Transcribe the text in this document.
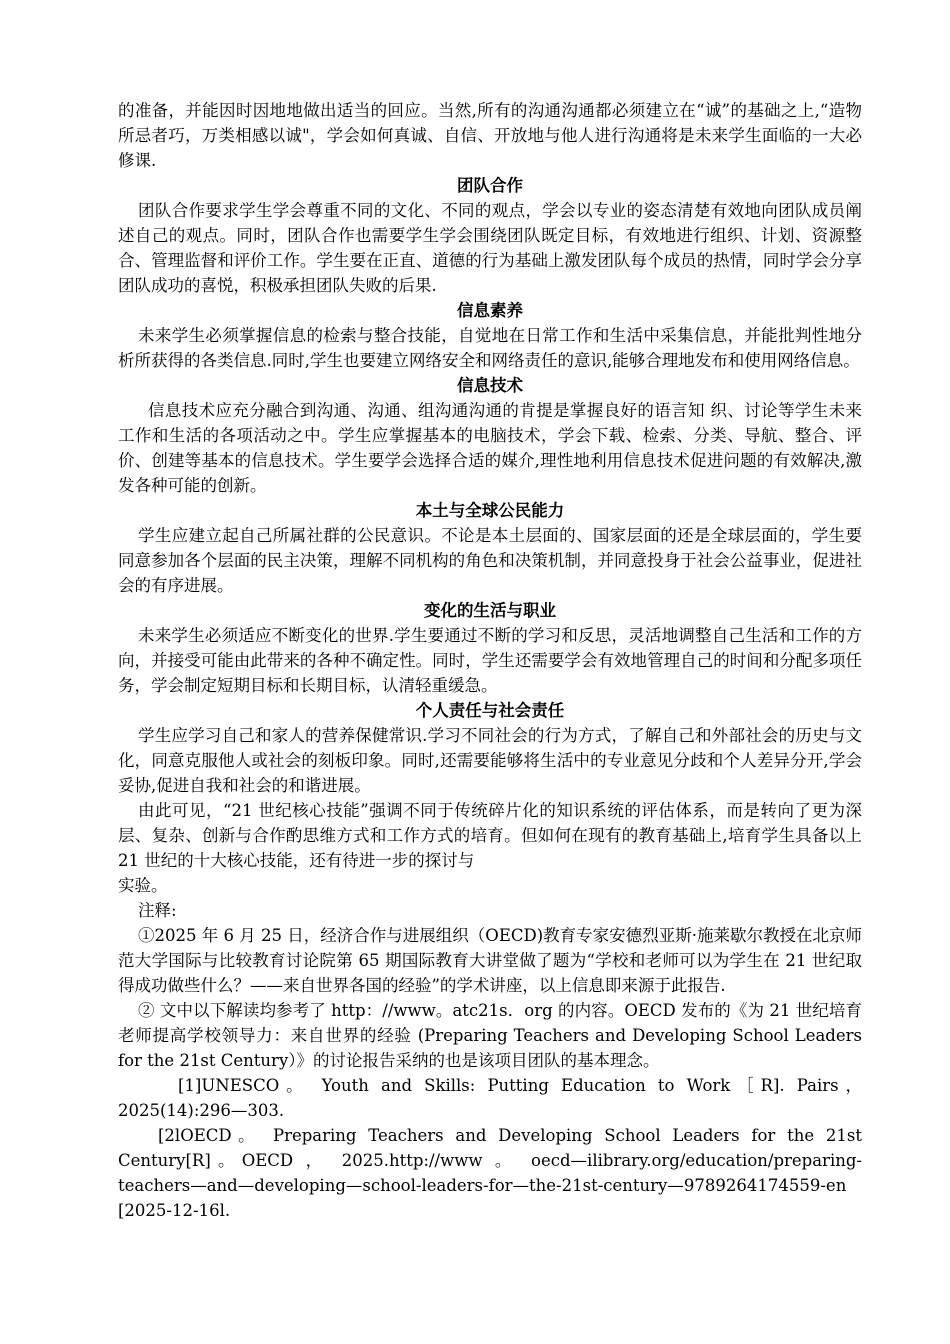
的准备，并能因时因地地做出适当的回应。当然,所有的沟通沟通都必须建立在“诚”的基础之上,“造物所忌者巧，万类相感以诚"，学会如何真诚、自信、开放地与他人进行沟通将是未来学生面临的一大必修课.

团队合作

团队合作要求学生学会尊重不同的文化、不同的观点，学会以专业的姿态清楚有效地向团队成员阐述自己的观点。同时，团队合作也需要学生学会围绕团队既定目标，有效地进行组织、计划、资源整合、管理监督和评价工作。学生要在正直、道德的行为基础上激发团队每个成员的热情，同时学会分享团队成功的喜悦，积极承担团队失败的后果.

信息素养

未来学生必须掌握信息的检索与整合技能，自觉地在日常工作和生活中采集信息，并能批判性地分析所获得的各类信息.同时,学生也要建立网络安全和网络责任的意识,能够合理地发布和使用网络信息。

信息技术

信息技术应充分融合到沟通、沟通、组沟通沟通的肯提是掌握良好的语言知 织、讨论等学生未来工作和生活的各项活动之中。学生应掌握基本的电脑技术，学会下载、检索、分类、导航、整合、评价、创建等基本的信息技术。学生要学会选择合适的媒介,理性地利用信息技术促进问题的有效解决,激发各种可能的创新。

本土与全球公民能力

学生应建立起自己所属社群的公民意识。不论是本土层面的、国家层面的还是全球层面的，学生要同意参加各个层面的民主决策，理解不同机构的角色和决策机制，并同意投身于社会公益事业，促进社会的有序进展。

变化的生活与职业

未来学生必须适应不断变化的世界.学生要通过不断的学习和反思，灵活地调整自己生活和工作的方向，并接受可能由此带来的各种不确定性。同时，学生还需要学会有效地管理自己的时间和分配多项任务，学会制定短期目标和长期目标，认清轻重缓急。

个人责任与社会责任

学生应学习自己和家人的营养保健常识.学习不同社会的行为方式，了解自己和外部社会的历史与文化，同意克服他人或社会的刻板印象。同时,还需要能够将生活中的专业意见分歧和个人差异分开,学会妥协,促进自我和社会的和谐进展。

由此可见，“21 世纪核心技能”强调不同于传统碎片化的知识系统的评估体系，而是转向了更为深层、复杂、创新与合作酌思维方式和工作方式的培育。但如何在现有的教育基础上,培育学生具备以上 21 世纪的十大核心技能，还有待进一步的探讨与

实验。

注释:

①2025 年 6 月 25 日，经济合作与进展组织（OECD)教育专家安德烈亚斯·施莱歇尔教授在北京师范大学国际与比较教育讨论院第 65 期国际教育大讲堂做了题为“学校和老师可以为学生在 21 世纪取得成功做些什么？——来自世界各国的经验”的学术讲座，以上信息即来源于此报告.

② 文中以下解读均参考了 http：//www。atc21s．org 的内容。OECD 发布的《为 21 世纪培育老师提高学校领导力：来自世界的经验 (Preparing Teachers and Developing School Leaders for the 21st Century）》的讨论报告采纳的也是该项目团队的基本理念。

[1]UNESCO。 Youth and Skills: Putting Education to Work［R]. Pairs， 2025(14):296—303.

[2lOECD。 Preparing Teachers and Developing School Leaders for the 21st Century[R]。OECD ， 2025.http://www 。 oecd—ilibrary.org/education/preparing-teachers—and—developing—school-leaders-for—the-21st-century—9789264174559-en [2025-12-16l.
